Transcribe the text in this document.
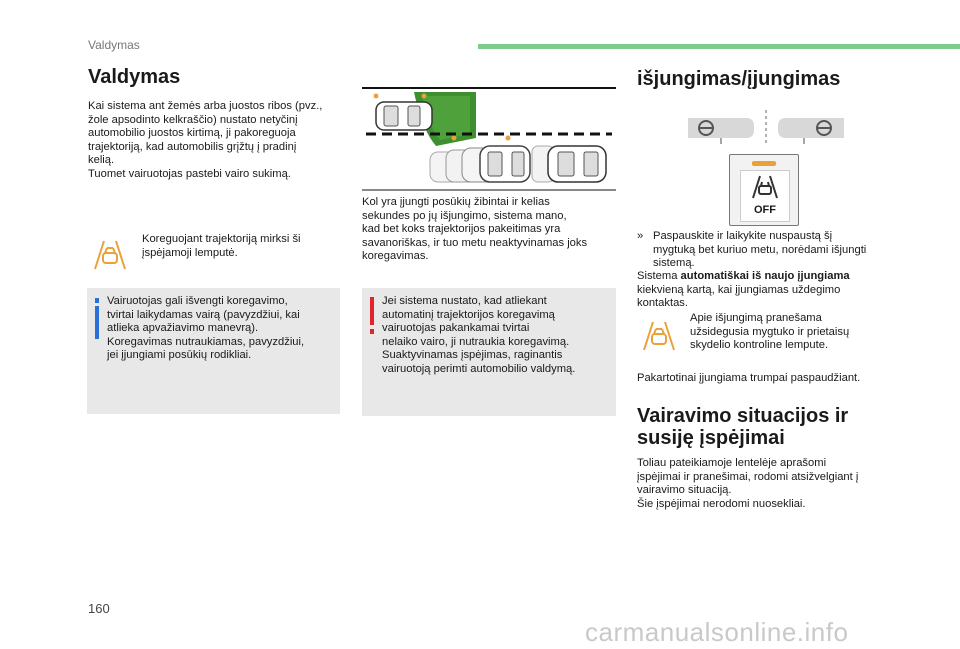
Valdymas
Valdymas
Kai sistema ant žemės arba juostos ribos (pvz.,
žole apsodinto kelkraščio) nustato netyčinį
automobilio juostos kirtimą, ji pakoreguoja
trajektoriją, kad automobilis grįžtų į pradinį
kelią.
Tuomet vairuotojas pastebi vairo sukimą.
Koreguojant trajektoriją mirksi ši
įspėjamoji lemputė.
Vairuotojas gali išvengti koregavimo,
tvirtai laikydamas vairą (pavyzdžiui, kai
atlieka apvažiavimo manevrą).
Koregavimas nutraukiamas, pavyzdžiui,
jei įjungiami posūkių rodikliai.
Kol yra įjungti posūkių žibintai ir kelias
sekundes po jų išjungimo, sistema mano,
kad bet koks trajektorijos pakeitimas yra
savanoriškas, ir tuo metu neaktyvinamas joks
koregavimas.
Jei sistema nustato, kad atliekant
automatinį trajektorijos koregavimą
vairuotojas pakankamai tvirtai
nelaiko vairo, ji nutraukia koregavimą.
Suaktyvinamas įspėjimas, raginantis
vairuotoją perimti automobilio valdymą.
išjungimas/įjungimas
OFF
» Paspauskite ir laikykite nuspaustą šį
mygtuką bet kuriuo metu, norėdami išjungti
sistemą.
Sistema automatiškai iš naujo įjungiama
kiekvieną kartą, kai įjungiamas uždegimo
kontaktas.
Apie išjungimą pranešama
užsidegusia mygtuko ir prietaisų
skydelio kontroline lempute.
Pakartotinai įjungiama trumpai paspaudžiant.
Vairavimo situacijos ir
susiję įspėjimai
Toliau pateikiamoje lentelėje aprašomi
įspėjimai ir pranešimai, rodomi atsižvelgiant į
vairavimo situaciją.
Šie įspėjimai nerodomi nuosekliai.
160
carmanualsonline.info
